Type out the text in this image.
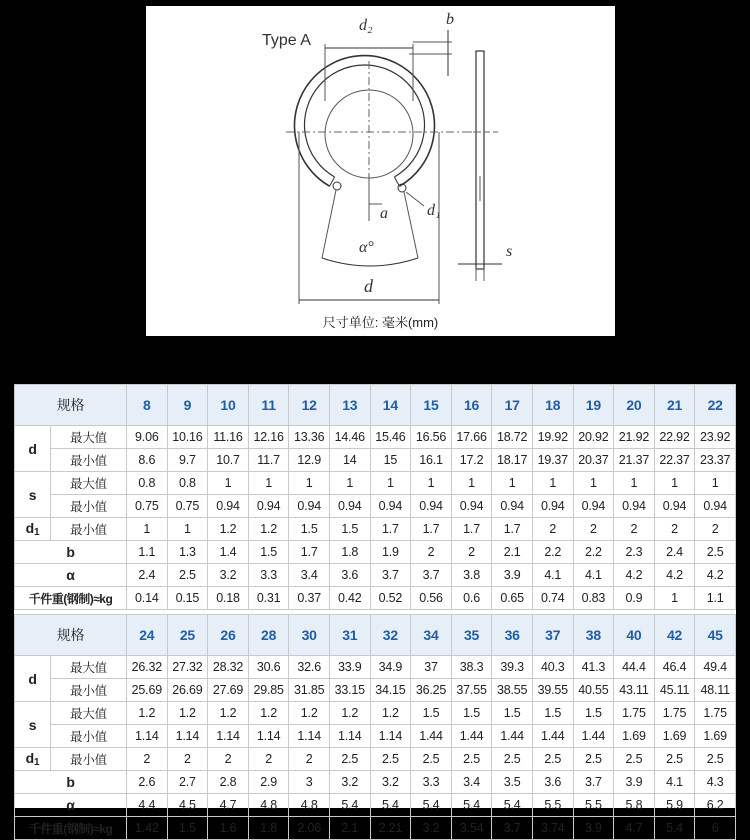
Type A
d₂	b
a d₁
α°
d
s
尺寸单位: 毫米(mm)
规格		8	9	10	11	12	13	14	15	16	17	18	19	20	21	22
d	最大值	9.06	10.16	11.16	12.16	13.36	14.46	15.46	16.56	17.66	18.72	19.92	20.92	21.92	22.92	23.92
	最小值	8.6	9.7	10.7	11.7	12.9	14	15	16.1	17.2	18.17	19.37	20.37	21.37	22.37	23.37
s	最大值	0.8	0.8	1	1	1	1	1	1	1	1	1	1	1	1	1
	最小值	0.75	0.75	0.94	0.94	0.94	0.94	0.94	0.94	0.94	0.94	0.94	0.94	0.94	0.94	0.94
d1	最小值	1	1	1.2	1.2	1.5	1.5	1.7	1.7	1.7	1.7	2	2	2	2	2
b		1.1	1.3	1.4	1.5	1.7	1.8	1.9	2	2	2.1	2.2	2.2	2.3	2.4	2.5
α		2.4	2.5	3.2	3.3	3.4	3.6	3.7	3.7	3.8	3.9	4.1	4.1	4.2	4.2	4.2
千件重(钢制)≈kg		0.14	0.15	0.18	0.31	0.37	0.42	0.52	0.56	0.6	0.65	0.74	0.83	0.9	1	1.1

规格		24	25	26	28	30	31	32	34	35	36	37	38	40	42	45
d	最大值	26.32	27.32	28.32	30.6	32.6	33.9	34.9	37	38.3	39.3	40.3	41.3	44.4	46.4	49.4
	最小值	25.69	26.69	27.69	29.85	31.85	33.15	34.15	36.25	37.55	38.55	39.55	40.55	43.11	45.11	48.11
s	最大值	1.2	1.2	1.2	1.2	1.2	1.2	1.2	1.5	1.5	1.5	1.5	1.5	1.75	1.75	1.75
	最小值	1.14	1.14	1.14	1.14	1.14	1.14	1.14	1.44	1.44	1.44	1.44	1.44	1.69	1.69	1.69
d1	最小值	2	2	2	2	2	2.5	2.5	2.5	2.5	2.5	2.5	2.5	2.5	2.5	2.5
b		2.6	2.7	2.8	2.9	3	3.2	3.2	3.3	3.4	3.5	3.6	3.7	3.9	4.1	4.3
α		4.4	4.5	4.7	4.8	4.8	5.4	5.4	5.4	5.4	5.4	5.5	5.5	5.8	5.9	6.2
千件重(钢制)≈kg		1.42	1.5	1.6	1.8	2.06	2.1	2.21	3.2	3.54	3.7	3.74	3.9	4.7	5.4	6
